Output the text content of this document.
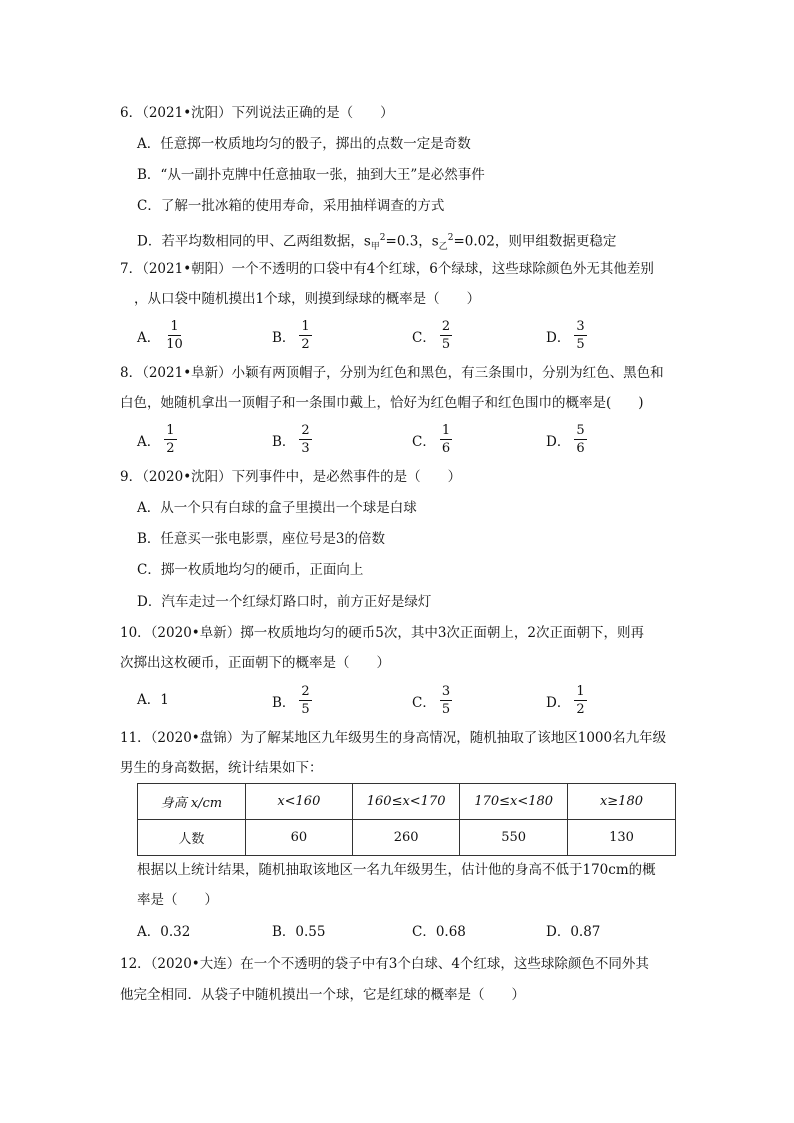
6．（2021•沈阳）下列说法正确的是（　　）
A．任意掷一枚质地均匀的骰子，掷出的点数一定是奇数
B．“从一副扑克牌中任意抽取一张，抽到大王”是必然事件
C．了解一批冰箱的使用寿命，采用抽样调查的方式
D．若平均数相同的甲、乙两组数据，$s_甲^2=0.3$，$s_乙^2=0.02$，则甲组数据更稳定
7．（2021•朝阳）一个不透明的口袋中有4个红球，6个绿球，这些球除颜色外无其他差别
，从口袋中随机摸出1个球，则摸到绿球的概率是（　　）
A． $\frac{1}{10}$	B． $\frac{1}{2}$	C． $\frac{2}{5}$	D． $\frac{3}{5}$
8．（2021•阜新）小颖有两顶帽子，分别为红色和黑色，有三条围巾，分别为红色、黑色和
白色，她随机拿出一顶帽子和一条围巾戴上，恰好为红色帽子和红色围巾的概率是(　　)
A． $\frac{1}{2}$	B． $\frac{2}{3}$	C． $\frac{1}{6}$	D． $\frac{5}{6}$
9．（2020•沈阳）下列事件中，是必然事件的是（　　）
A．从一个只有白球的盒子里摸出一个球是白球
B．任意买一张电影票，座位号是3的倍数
C．掷一枚质地均匀的硬币，正面向上
D．汽车走过一个红绿灯路口时，前方正好是绿灯
10．（2020•阜新）掷一枚质地均匀的硬币5次，其中3次正面朝上，2次正面朝下，则再
次掷出这枚硬币，正面朝下的概率是（　　）
A．1	B． $\frac{2}{5}$	C． $\frac{3}{5}$	D． $\frac{1}{2}$
11．（2020•盘锦）为了解某地区九年级男生的身高情况，随机抽取了该地区1000名九年级
男生的身高数据，统计结果如下：
身高 x/cm	x<160	160≤x<170	170≤x<180	x≥180
人数	60	260	550	130
根据以上统计结果，随机抽取该地区一名九年级男生，估计他的身高不低于170cm的概
率是（　　）
A．0.32	B．0.55	C．0.68	D．0.87
12．（2020•大连）在一个不透明的袋子中有3个白球、4个红球，这些球除颜色不同外其
他完全相同．从袋子中随机摸出一个球，它是红球的概率是（　　）
